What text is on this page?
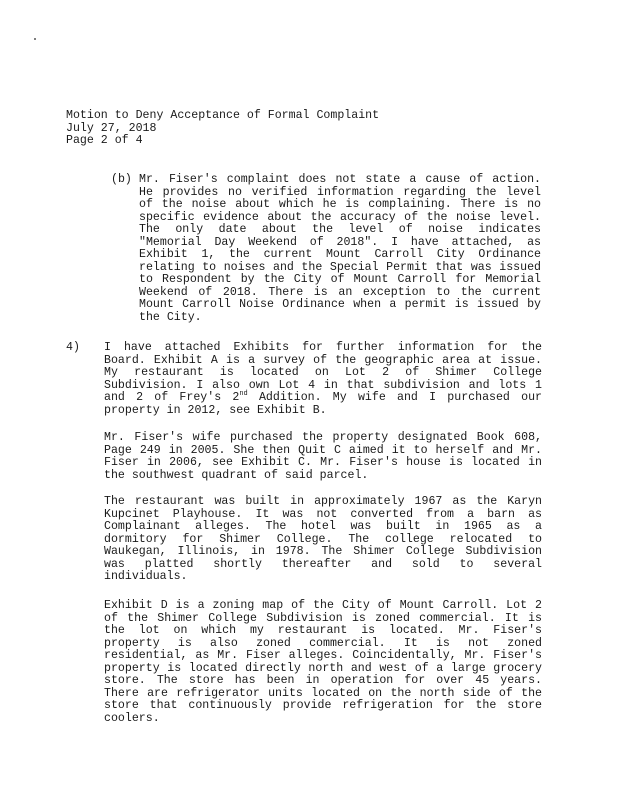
Motion to Deny Acceptance of Formal Complaint
July 27, 2018
Page 2 of 4
(b) Mr. Fiser's complaint does not state a cause of action. He provides no verified information regarding the level of the noise about which he is complaining. There is no specific evidence about the accuracy of the noise level. The only date about the level of noise indicates "Memorial Day Weekend of 2018". I have attached, as Exhibit 1, the current Mount Carroll City Ordinance relating to noises and the Special Permit that was issued to Respondent by the City of Mount Carroll for Memorial Weekend of 2018. There is an exception to the current Mount Carroll Noise Ordinance when a permit is issued by the City.
4) I have attached Exhibits for further information for the Board. Exhibit A is a survey of the geographic area at issue. My restaurant is located on Lot 2 of Shimer College Subdivision. I also own Lot 4 in that subdivision and lots 1 and 2 of Frey's 2nd Addition. My wife and I purchased our property in 2012, see Exhibit B.
Mr. Fiser's wife purchased the property designated Book 608, Page 249 in 2005. She then Quit C aimed it to herself and Mr. Fiser in 2006, see Exhibit C. Mr. Fiser's house is located in the southwest quadrant of said parcel.
The restaurant was built in approximately 1967 as the Karyn Kupcinet Playhouse. It was not converted from a barn as Complainant alleges. The hotel was built in 1965 as a dormitory for Shimer College. The college relocated to Waukegan, Illinois, in 1978. The Shimer College Subdivision was platted shortly thereafter and sold to several individuals.
Exhibit D is a zoning map of the City of Mount Carroll. Lot 2 of the Shimer College Subdivision is zoned commercial. It is the lot on which my restaurant is located. Mr. Fiser's property is also zoned commercial. It is not zoned residential, as Mr. Fiser alleges. Coincidentally, Mr. Fiser's property is located directly north and west of a large grocery store. The store has been in operation for over 45 years. There are refrigerator units located on the north side of the store that continuously provide refrigeration for the store coolers.
